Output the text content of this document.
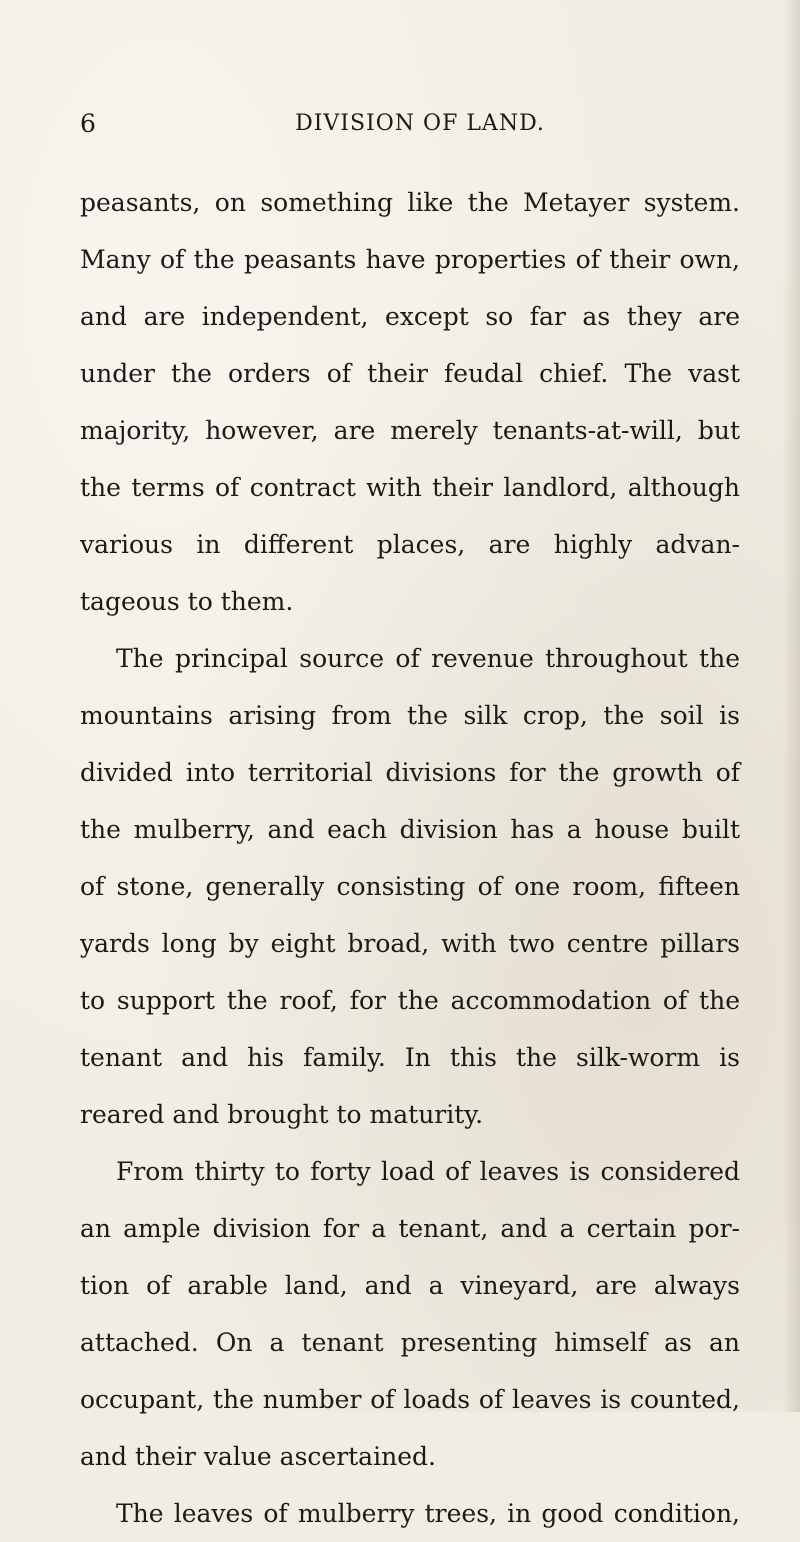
6	DIVISION OF LAND.
peasants, on something like the Metayer system.
Many of the peasants have properties of their own,
and are independent, except so far as they are
under the orders of their feudal chief. The vast
majority, however, are merely tenants-at-will, but
the terms of contract with their landlord, although
various in different places, are highly advan-
tageous to them.
The principal source of revenue throughout the
mountains arising from the silk crop, the soil is
divided into territorial divisions for the growth of
the mulberry, and each division has a house built
of stone, generally consisting of one room, fifteen
yards long by eight broad, with two centre pillars
to support the roof, for the accommodation of the
tenant and his family. In this the silk-worm is
reared and brought to maturity.
From thirty to forty load of leaves is considered
an ample division for a tenant, and a certain por-
tion of arable land, and a vineyard, are always
attached. On a tenant presenting himself as an
occupant, the number of loads of leaves is counted,
and their value ascertained.
The leaves of mulberry trees, in good condition,
